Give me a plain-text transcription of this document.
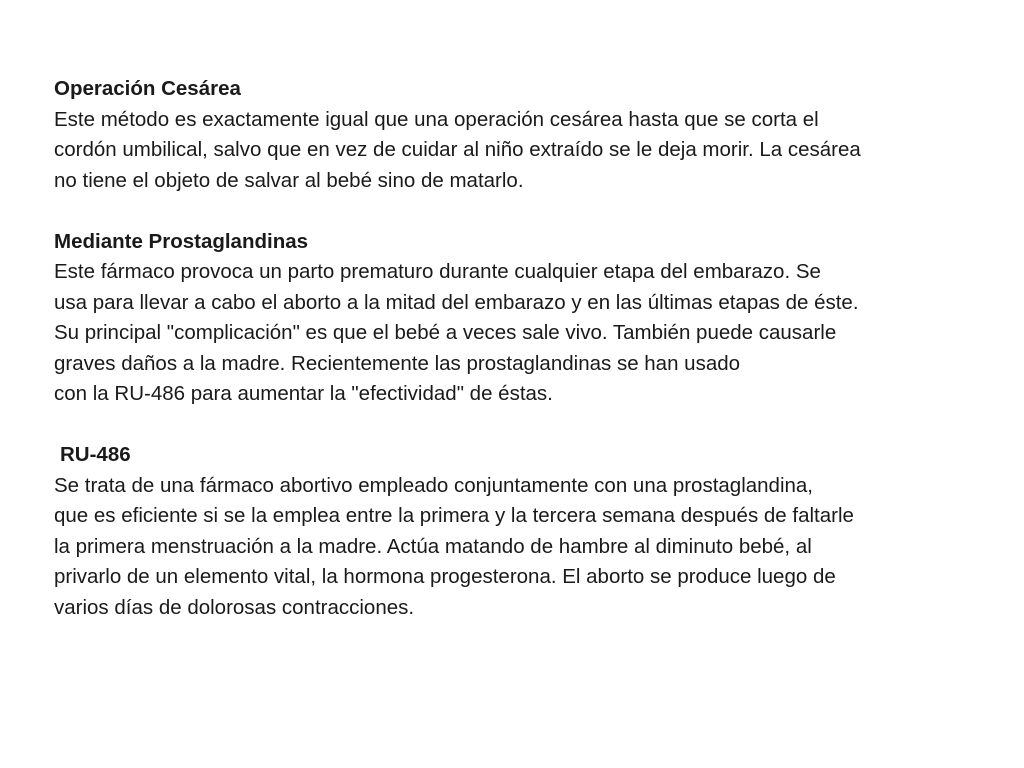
Operación Cesárea
Este método es exactamente igual que una operación cesárea hasta que se corta el
cordón umbilical, salvo que en vez de cuidar al niño extraído se le deja morir. La cesárea
no tiene el objeto de salvar al bebé sino de matarlo.
Mediante Prostaglandinas
Este fármaco provoca un parto prematuro durante cualquier etapa del embarazo. Se
usa para llevar a cabo el aborto a la mitad del embarazo y en las últimas etapas de éste.
Su principal "complicación" es que el bebé a veces sale vivo. También puede causarle
graves daños a la madre. Recientemente las prostaglandinas se han usado
con la RU-486 para aumentar la "efectividad" de éstas.
RU-486
Se trata de una fármaco abortivo empleado conjuntamente con una prostaglandina,
que es eficiente si se la emplea entre la primera y la tercera semana después de faltarle
la primera menstruación a la madre. Actúa matando de hambre al diminuto bebé, al
privarlo de un elemento vital, la hormona progesterona. El aborto se produce luego de
varios días de dolorosas contracciones.
